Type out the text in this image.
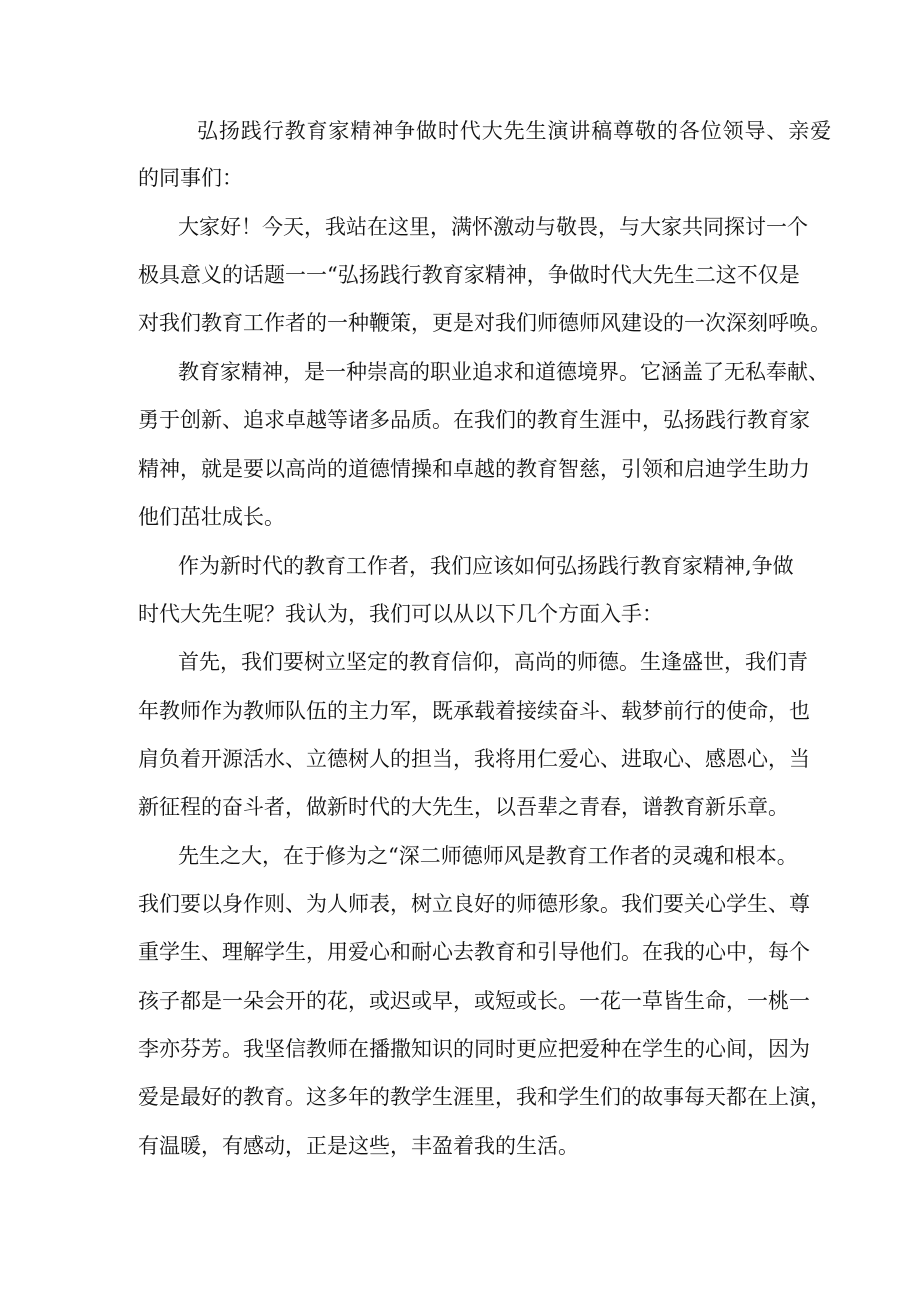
弘扬践行教育家精神争做时代大先生演讲稿尊敬的各位领导、亲爱
的同事们：
大家好！今天，我站在这里，满怀激动与敬畏，与大家共同探讨一个
极具意义的话题一一“弘扬践行教育家精神，争做时代大先生二这不仅是
对我们教育工作者的一种鞭策，更是对我们师德师风建设的一次深刻呼唤。
教育家精神，是一种崇高的职业追求和道德境界。它涵盖了无私奉献、
勇于创新、追求卓越等诸多品质。在我们的教育生涯中，弘扬践行教育家
精神，就是要以高尚的道德情操和卓越的教育智慈，引领和启迪学生助力
他们茁壮成长。
作为新时代的教育工作者，我们应该如何弘扬践行教育家精神,争做
时代大先生呢？我认为，我们可以从以下几个方面入手：
首先，我们要树立坚定的教育信仰，高尚的师德。生逢盛世，我们青
年教师作为教师队伍的主力军，既承载着接续奋斗、载梦前行的使命，也
肩负着开源活水、立德树人的担当，我将用仁爱心、进取心、感恩心，当
新征程的奋斗者，做新时代的大先生，以吾辈之青春，谱教育新乐章。
先生之大，在于修为之“深二师德师风是教育工作者的灵魂和根本。
我们要以身作则、为人师表，树立良好的师德形象。我们要关心学生、尊
重学生、理解学生，用爱心和耐心去教育和引导他们。在我的心中，每个
孩子都是一朵会开的花，或迟或早，或短或长。一花一草皆生命，一桃一
李亦芬芳。我坚信教师在播撒知识的同时更应把爱种在学生的心间，因为
爱是最好的教育。这多年的教学生涯里，我和学生们的故事每天都在上演，
有温暖，有感动，正是这些，丰盈着我的生活。
